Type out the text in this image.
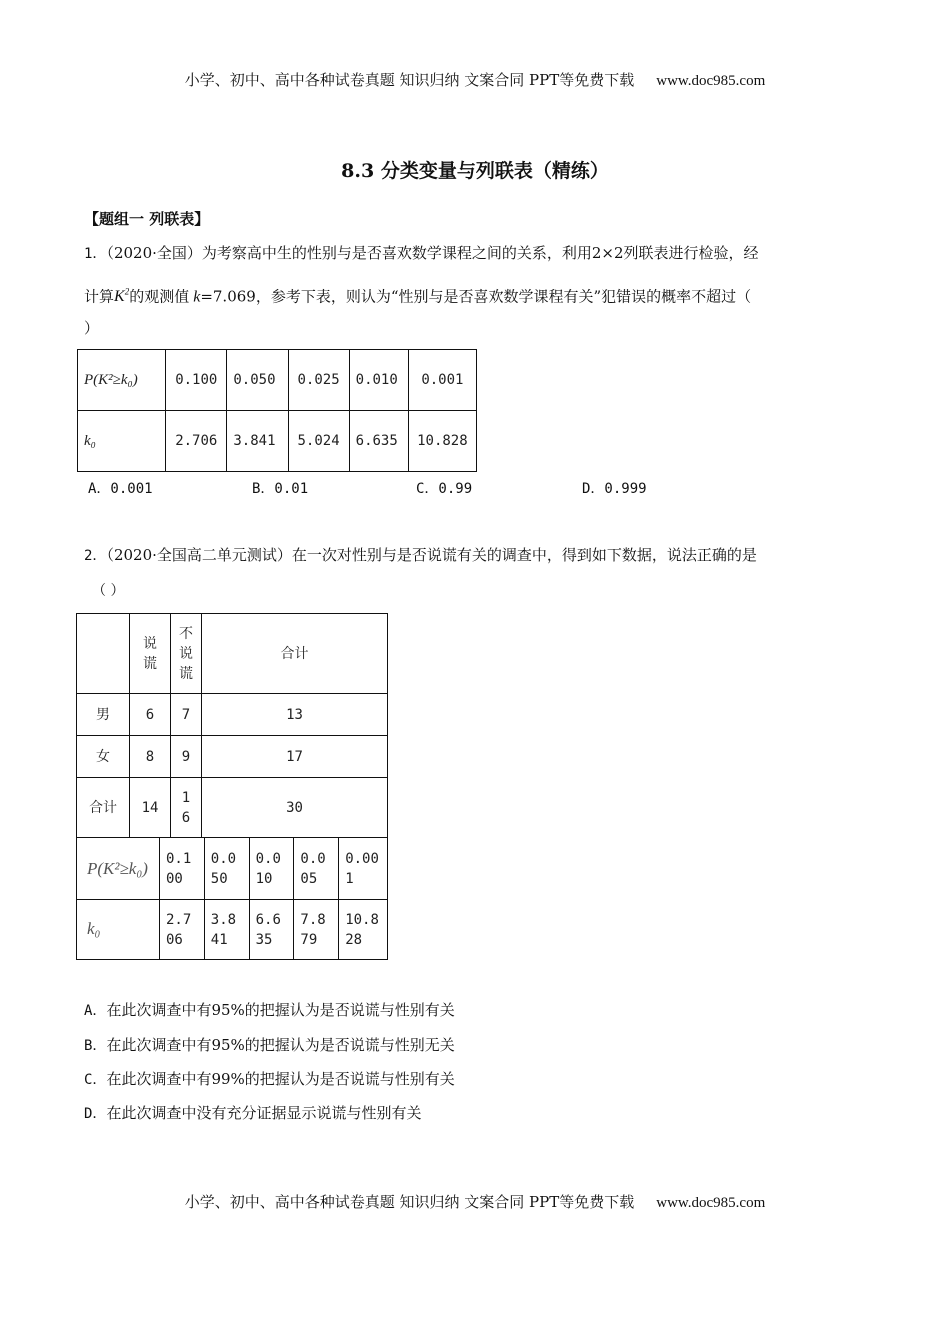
小学、初中、高中各种试卷真题 知识归纳 文案合同 PPT等免费下载 www.doc985.com
8.3 分类变量与列联表（精练）
【题组一 列联表】
1．（2020·全国）为考察高中生的性别与是否喜欢数学课程之间的关系，利用2×2列联表进行检验，经
计算$K^2$的观测值 k=7.069，参考下表，则认为“性别与是否喜欢数学课程有关”犯错误的概率不超过（
）
P(K²≥k₀)	0.100	0.050	0.025	0.010	0.001
k₀	2.706	3.841	5.024	6.635	10.828
A．0.001	B．0.01	C．0.99	D．0.999
2．（2020·全国高二单元测试）在一次对性别与是否说谎有关的调查中，得到如下数据，说法正确的是
（ ）

	说谎	不说谎	合计
男	6	7	13
女	8	9	17
合计	14	16	30
P(K²≥k₀)	0.100	0.050	0.010	0.005	0.001
k₀	2.706	3.841	6.635	7.879	10.828
A．在此次调查中有95%的把握认为是否说谎与性别有关
B．在此次调查中有95%的把握认为是否说谎与性别无关
C．在此次调查中有99%的把握认为是否说谎与性别有关
D．在此次调查中没有充分证据显示说谎与性别有关
小学、初中、高中各种试卷真题 知识归纳 文案合同 PPT等免费下载 www.doc985.com
